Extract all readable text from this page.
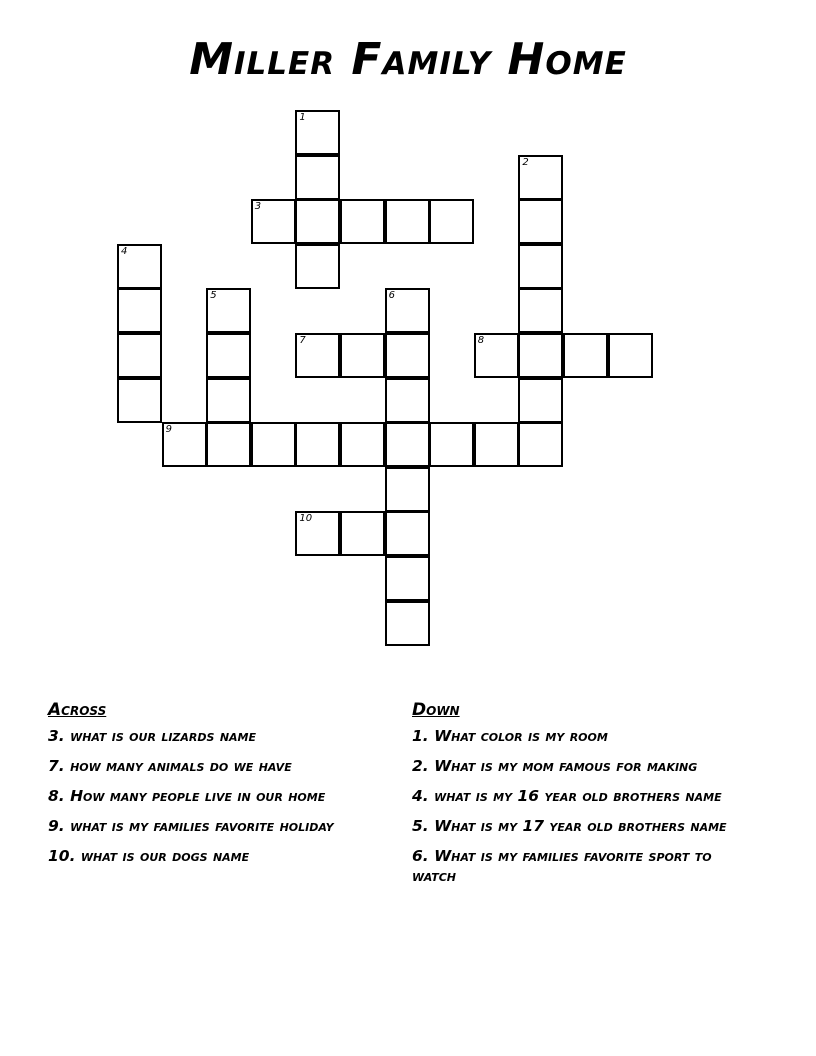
Miller Family Home
1
2
3
4
5	6
7	8
9
10
Across
3. what is our lizards name
7. how many animals do we have
8. How many people live in our home
9. what is my families favorite holiday
10. what is our dogs name
Down
1. What color is my room
2. What is my mom famous for making
4. what is my 16 year old brothers name
5. What is my 17 year old brothers name
6. What is my families favorite sport to watch
